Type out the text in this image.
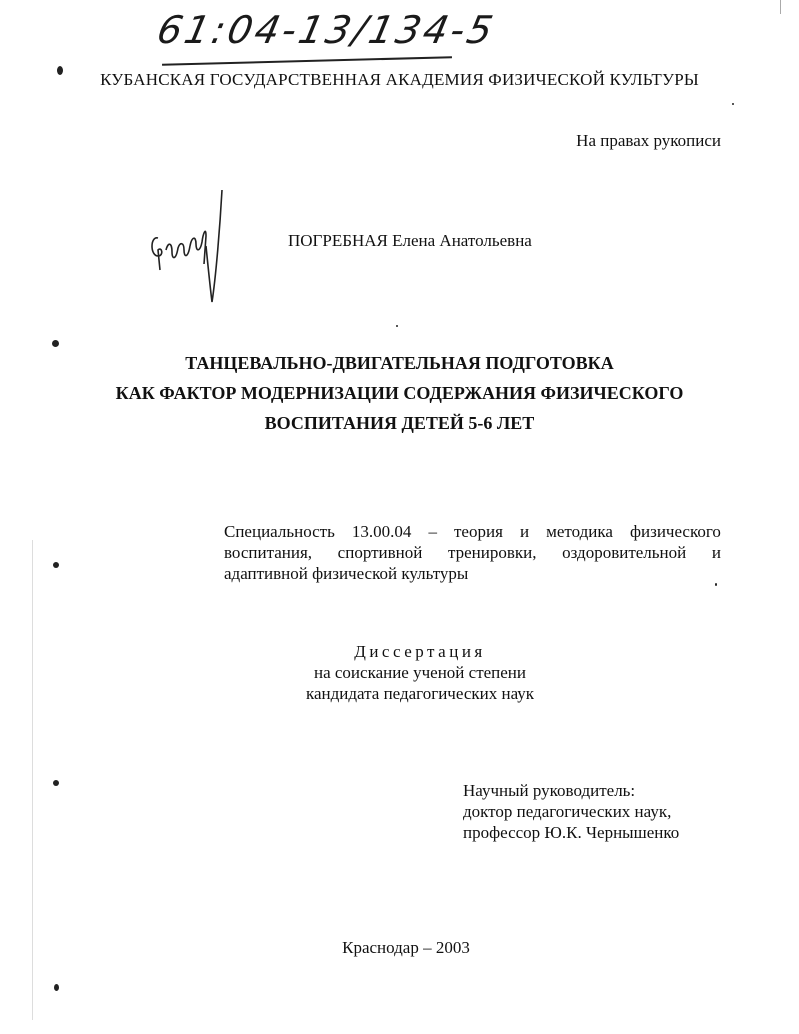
61:04-13/134-5
КУБАНСКАЯ ГОСУДАРСТВЕННАЯ АКАДЕМИЯ ФИЗИЧЕСКОЙ КУЛЬТУРЫ
На правах рукописи
ПОГРЕБНАЯ Елена Анатольевна
ТАНЦЕВАЛЬНО-ДВИГАТЕЛЬНАЯ ПОДГОТОВКА
КАК ФАКТОР МОДЕРНИЗАЦИИ СОДЕРЖАНИЯ ФИЗИЧЕСКОГО
ВОСПИТАНИЯ ДЕТЕЙ 5-6 ЛЕТ
Специальность 13.00.04 – теория и методика физического
воспитания, спортивной тренировки, оздоровительной и
адаптивной физической культуры
Диссертация
на соискание ученой степени
кандидата педагогических наук
Научный руководитель:
доктор педагогических наук,
профессор Ю.К. Чернышенко
Краснодар – 2003
